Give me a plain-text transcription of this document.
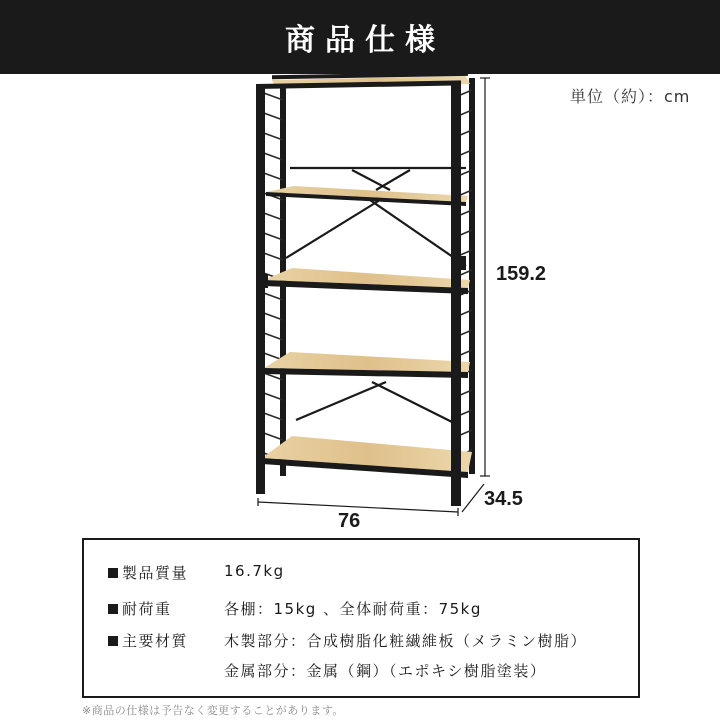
商品仕様
単位（約）：cm
159.2
76
34.5
製品質量 16.7kg
耐荷重	各棚：15kg 、全体耐荷重：75kg
主要材質 木製部分：合成樹脂化粧繊維板（メラミン樹脂）
金属部分：金属（鋼）（エポキシ樹脂塗装）
※商品の仕様は予告なく変更することがあります。
